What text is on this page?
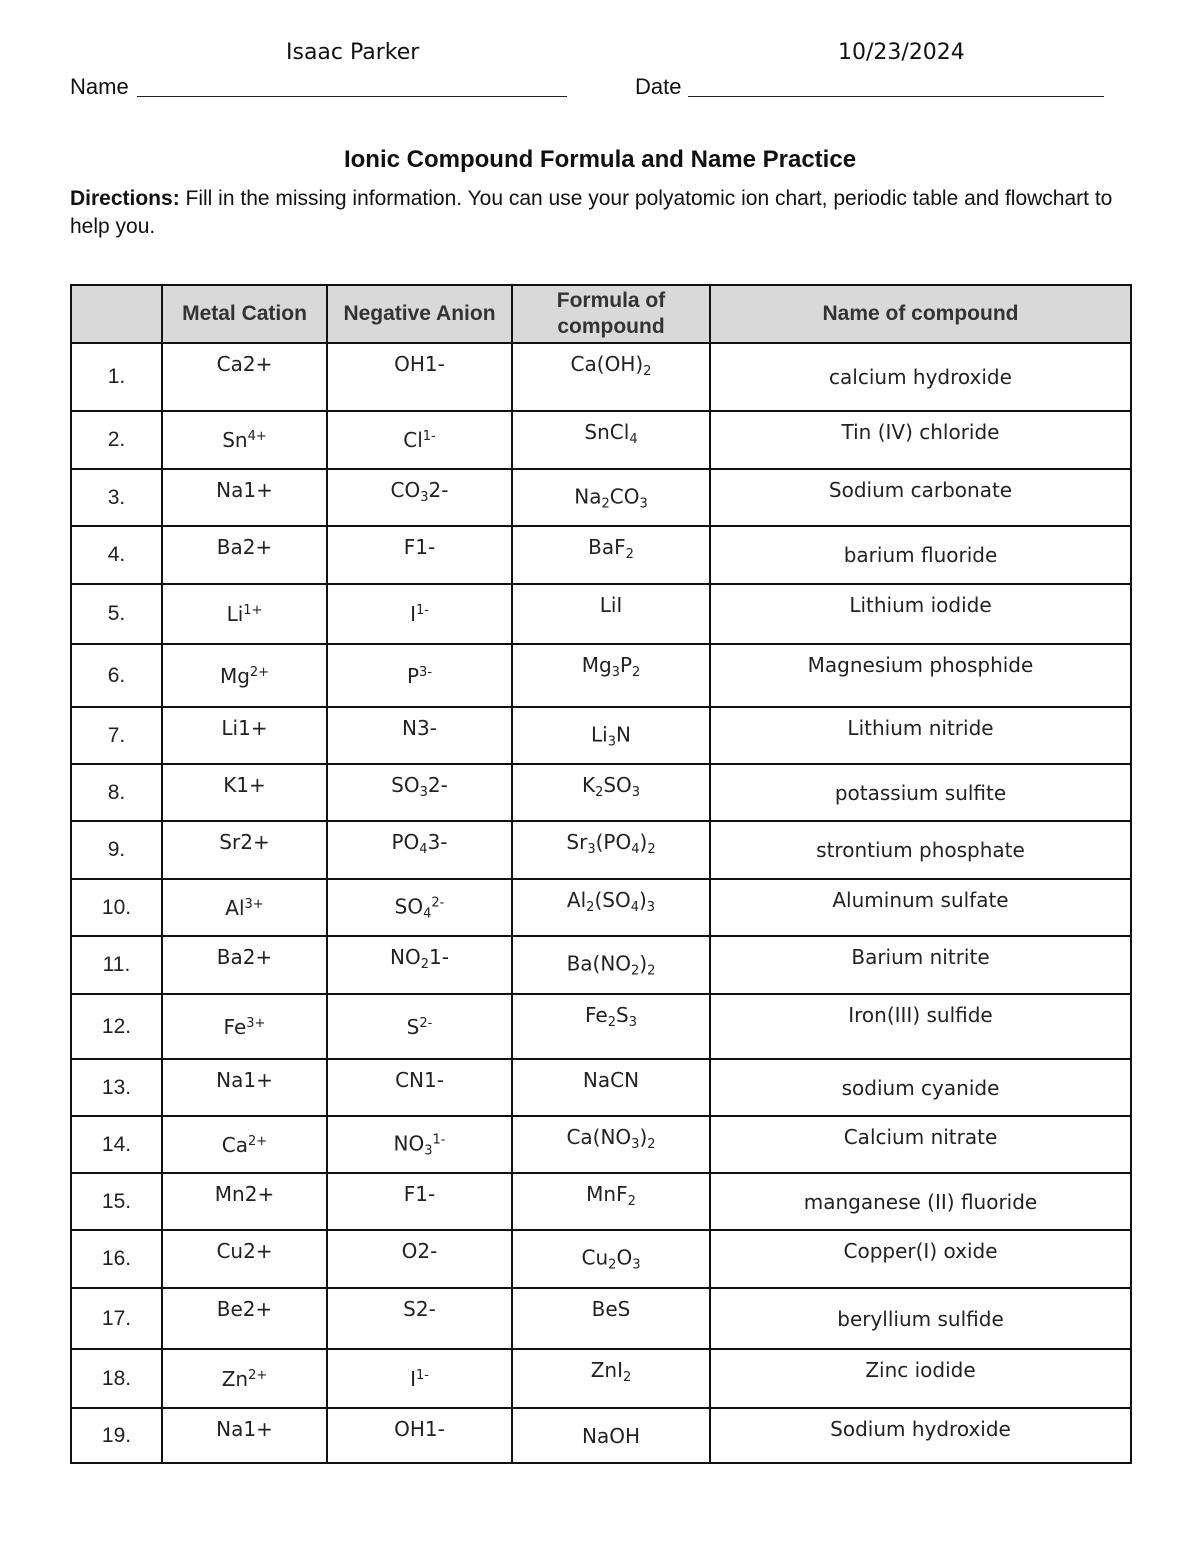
Isaac Parker	10/23/2024
Name	Date
Ionic Compound Formula and Name Practice
Directions: Fill in the missing information. You can use your polyatomic ion chart, periodic table and flowchart to help you.
	Metal Cation	Negative Anion	Formula of compound	Name of compound
1.	Ca2+	OH1-	$Ca(OH)_2$	calcium hydroxide

2.	$Sn^{4+}$	$Cl^{1-}$	SnCl$_4$	Tin (IV) chloride

3.	Na1+	$CO_32-$	$Na_2CO_3$	Sodium carbonate

4.	Ba2+	F1-	BaF$_2$	barium fluoride

5.	$Li^{1+}$	$I^{1-}$	LiI	Lithium iodide

6.	$Mg^{2+}$	$P^{3-}$	$Mg_3P_2$	Magnesium phosphide

7.	Li1+	N3-	$Li_3N$	Lithium nitride

8.	K1+	$SO_32-$	$K_2SO_3$	potassium sulfite

9.	Sr2+	$PO_43-$	$Sr_3(PO_4)_2$	strontium phosphate

10.	$Al^{3+}$	$SO_4^{2-}$	$Al_2(SO_4)_3$	Aluminum sulfate

11.	Ba2+	$NO_21-$	$Ba(NO_2)_2$	Barium nitrite

12.	$Fe^{3+}$	$S^{2-}$	$Fe_2S_3$	Iron(III) sulfide

13.	Na1+	CN1-	NaCN	sodium cyanide

14.	$Ca^{2+}$	$NO_3^{1-}$	$Ca(NO_3)_2$	Calcium nitrate

15.	Mn2+	F1-	MnF$_2$	manganese (II) fluoride

16.	Cu2+	O2-	$Cu_2O_3$	Copper(I) oxide

17.	Be2+	S2-	BeS	beryllium sulfide

18.	$Zn^{2+}$	$I^{1-}$	ZnI$_2$	Zinc iodide

19.	Na1+	OH1-	NaOH	Sodium hydroxide
